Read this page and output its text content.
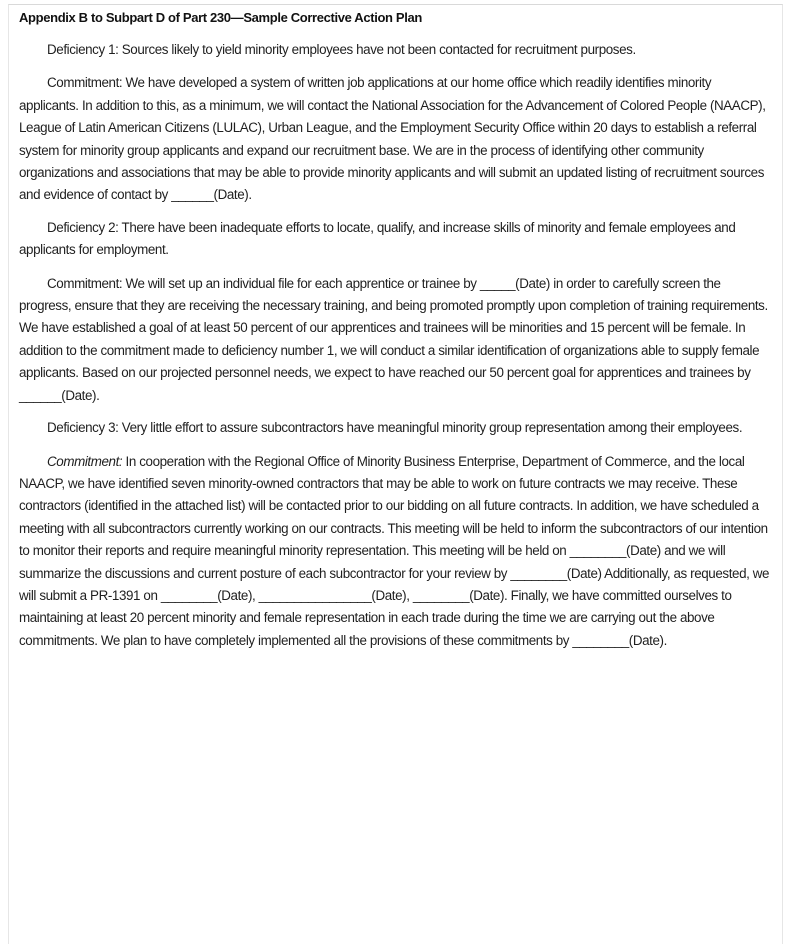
Appendix B to Subpart D of Part 230—Sample Corrective Action Plan

Deficiency 1: Sources likely to yield minority employees have not been contacted for recruitment purposes.

Commitment: We have developed a system of written job applications at our home office which readily identifies minority applicants. In addition to this, as a minimum, we will contact the National Association for the Advancement of Colored People (NAACP), League of Latin American Citizens (LULAC), Urban League, and the Employment Security Office within 20 days to establish a referral system for minority group applicants and expand our recruitment base. We are in the process of identifying other community organizations and associations that may be able to provide minority applicants and will submit an updated listing of recruitment sources and evidence of contact by ______(Date).

Deficiency 2: There have been inadequate efforts to locate, qualify, and increase skills of minority and female employees and applicants for employment.

Commitment: We will set up an individual file for each apprentice or trainee by _____(Date) in order to carefully screen the progress, ensure that they are receiving the necessary training, and being promoted promptly upon completion of training requirements. We have established a goal of at least 50 percent of our apprentices and trainees will be minorities and 15 percent will be female. In addition to the commitment made to deficiency number 1, we will conduct a similar identification of organizations able to supply female applicants. Based on our projected personnel needs, we expect to have reached our 50 percent goal for apprentices and trainees by ______(Date).

Deficiency 3: Very little effort to assure subcontractors have meaningful minority group representation among their employees.

Commitment: In cooperation with the Regional Office of Minority Business Enterprise, Department of Commerce, and the local NAACP, we have identified seven minority-owned contractors that may be able to work on future contracts we may receive. These contractors (identified in the attached list) will be contacted prior to our bidding on all future contracts. In addition, we have scheduled a meeting with all subcontractors currently working on our contracts. This meeting will be held to inform the subcontractors of our intention to monitor their reports and require meaningful minority representation. This meeting will be held on ________(Date) and we will summarize the discussions and current posture of each subcontractor for your review by ________(Date) Additionally, as requested, we will submit a PR-1391 on ________(Date), ________________(Date), ________(Date). Finally, we have committed ourselves to maintaining at least 20 percent minority and female representation in each trade during the time we are carrying out the above commitments. We plan to have completely implemented all the provisions of these commitments by ________(Date).
